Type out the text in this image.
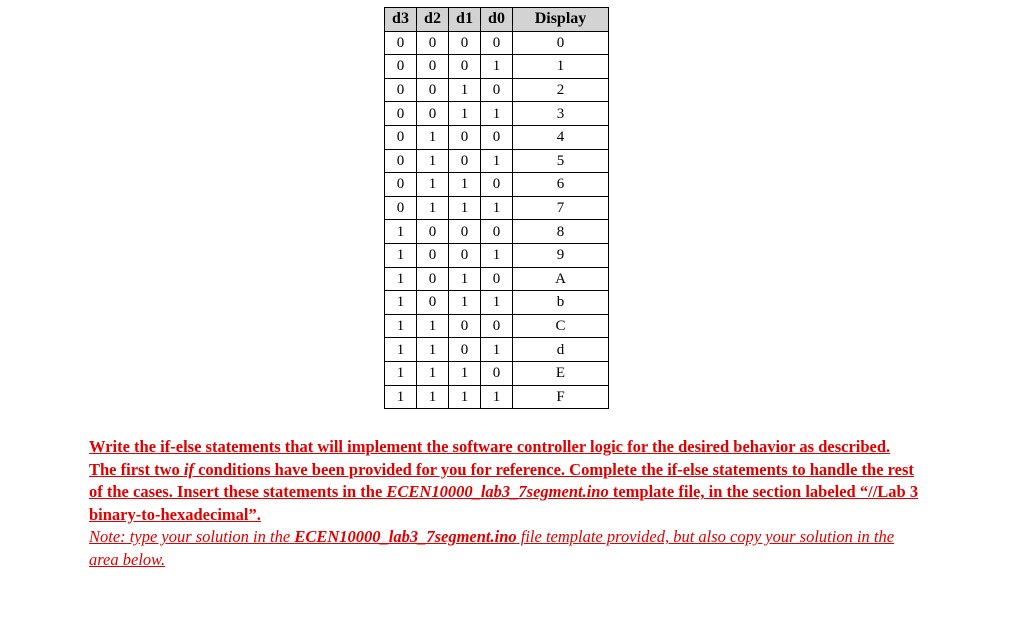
d3	d2	d1	d0	Display
0	0	0	0	0
0	0	0	1	1
0	0	1	0	2
0	0	1	1	3
0	1	0	0	4
0	1	0	1	5
0	1	1	0	6
0	1	1	1	7
1	0	0	0	8
1	0	0	1	9
1	0	1	0	A
1	0	1	1	b
1	1	0	0	C
1	1	0	1	d
1	1	1	0	E
1	1	1	1	F
Write the if-else statements that will implement the software controller logic for the desired behavior as described. The first two if conditions have been provided for you for reference. Complete the if-else statements to handle the rest of the cases. Insert these statements in the ECEN10000_lab3_7segment.ino template file, in the section labeled “//Lab 3 binary-to-hexadecimal”.
Note: type your solution in the ECEN10000_lab3_7segment.ino file template provided, but also copy your solution in the area below.
